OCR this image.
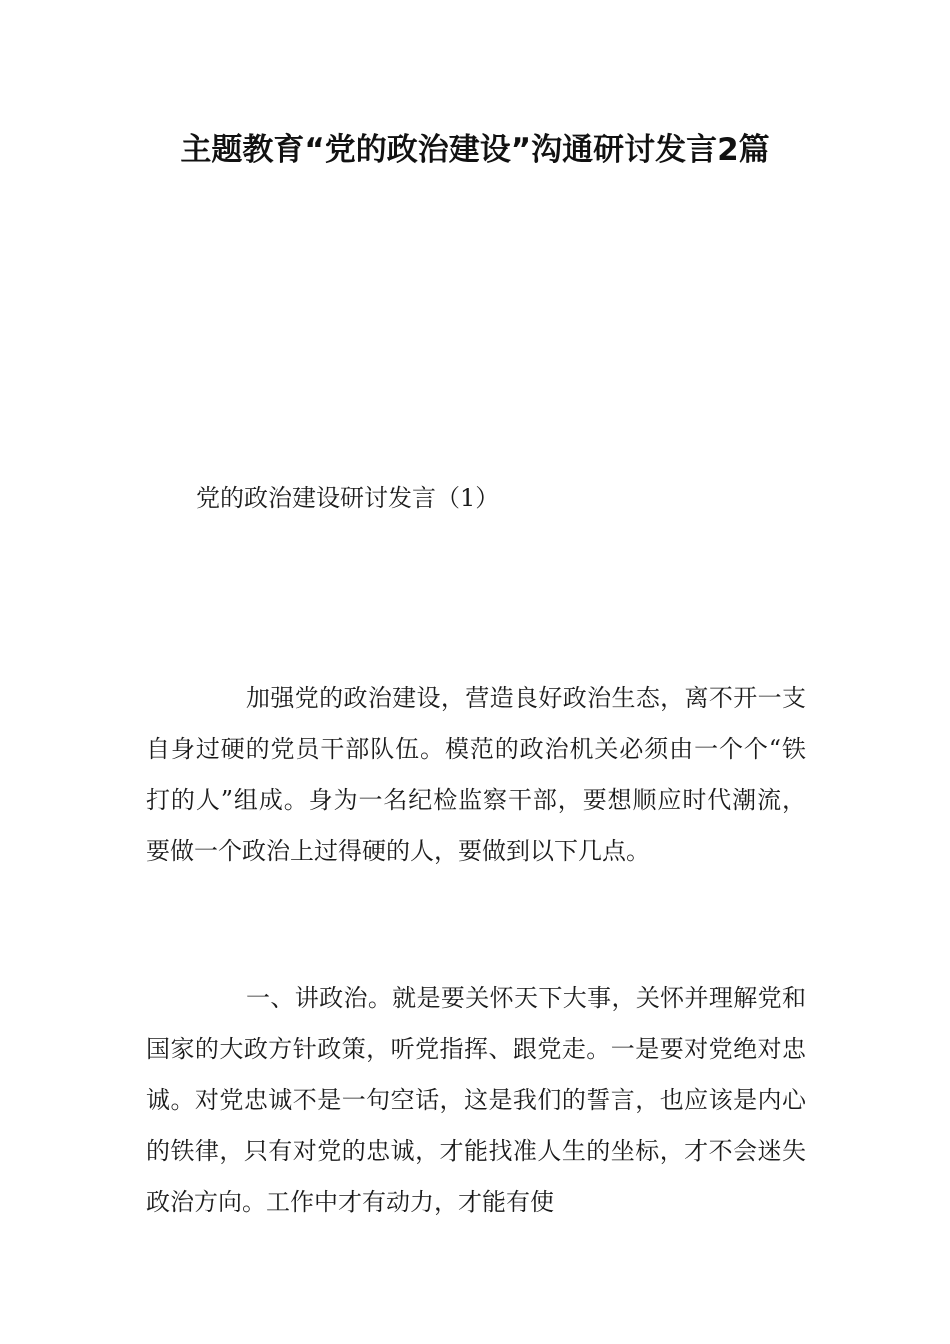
主题教育“党的政治建设”沟通研讨发言2篇

党的政治建设研讨发言（1）

加强党的政治建设，营造良好政治生态，离不开一支自身过硬的党员干部队伍。模范的政治机关必须由一个个“铁打的人”组成。身为一名纪检监察干部，要想顺应时代潮流，要做一个政治上过得硬的人，要做到以下几点。

一、讲政治。就是要关怀天下大事，关怀并理解党和国家的大政方针政策，听党指挥、跟党走。一是要对党绝对忠诚。对党忠诚不是一句空话，这是我们的誓言，也应该是内心的铁律，只有对党的忠诚，才能找准人生的坐标，才不会迷失政治方向。工作中才有动力，才能有使
